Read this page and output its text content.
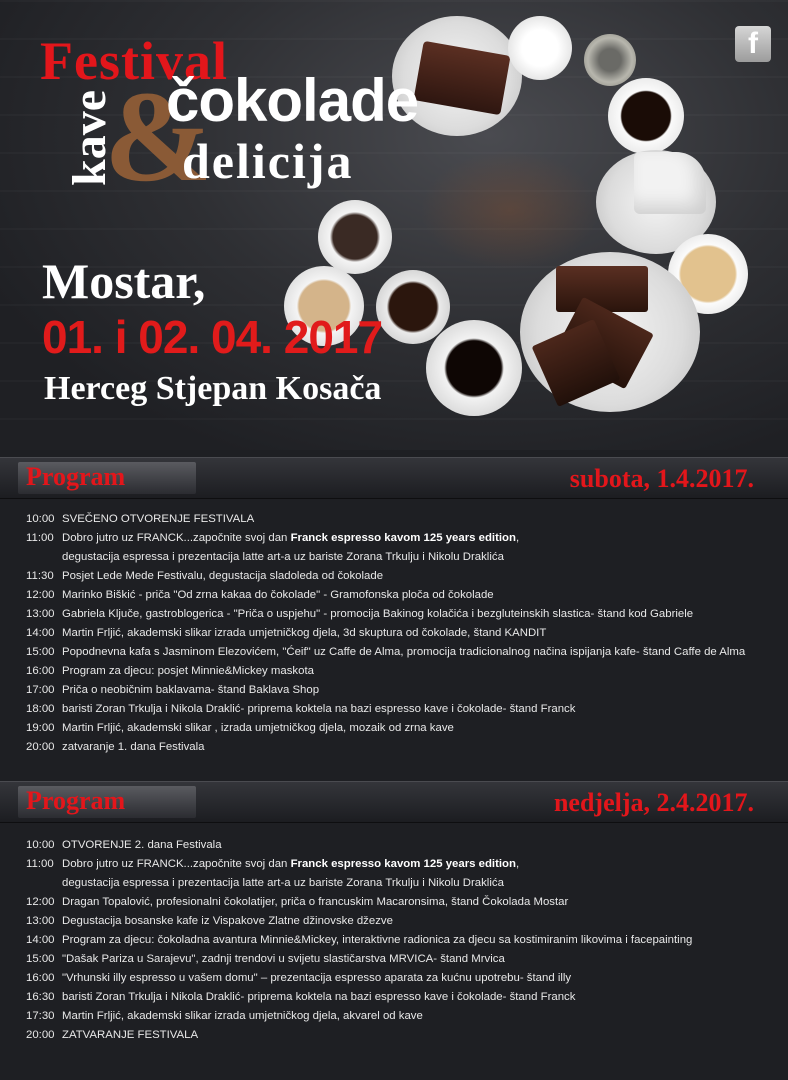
f
Festival
kave
&
čokolade
delicija
Mostar,
01. i 02. 04. 2017
Herceg Stjepan Kosača
Program	subota, 1.4.2017.
10:00 SVEČENO OTVORENJE FESTIVALA
11:00 Dobro jutro uz FRANCK...započnite svoj dan Franck espresso kavom 125 years edition,
degustacija espressa i prezentacija latte art-a uz bariste Zorana Trkulju i Nikolu Draklića
11:30 Posjet Lede Mede Festivalu, degustacija sladoleda od čokolade
12:00 Marinko Biškić - priča "Od zrna kakaa do čokolade" - Gramofonska ploča od čokolade
13:00 Gabriela Ključe, gastroblogerica - "Priča o uspjehu" - promocija Bakinog kolačića i bezgluteinskih slastica- štand kod Gabriele
14:00 Martin Frljić, akademski slikar izrada umjetničkog djela, 3d skuptura od čokolade, štand KANDIT
15:00 Popodnevna kafa s Jasminom Elezovićem, "Ćeif" uz Caffe de Alma, promocija tradicionalnog načina ispijanja kafe- štand Caffe de Alma
16:00 Program za djecu: posjet Minnie&Mickey maskota
17:00 Priča o neobičnim baklavama- štand Baklava Shop
18:00 baristi Zoran Trkulja i Nikola Draklić- priprema koktela na bazi espresso kave i čokolade- štand Franck
19:00 Martin Frljić, akademski slikar , izrada umjetničkog djela, mozaik od zrna kave
20:00 zatvaranje 1. dana Festivala
Program	nedjelja, 2.4.2017.
10:00 OTVORENJE 2. dana Festivala
11:00 Dobro jutro uz FRANCK...započnite svoj dan Franck espresso kavom 125 years edition,
degustacija espressa i prezentacija latte art-a uz bariste Zorana Trkulju i Nikolu Draklića
12:00 Dragan Topalović, profesionalni čokolatijer, priča o francuskim Macaronsima, štand Čokolada Mostar
13:00 Degustacija bosanske kafe iz Vispakove Zlatne džinovske džezve
14:00 Program za djecu: čokoladna avantura Minnie&Mickey, interaktivne radionica za djecu sa kostimiranim likovima i facepainting
15:00 "Dašak Pariza u Sarajevu", zadnji trendovi u svijetu slastičarstva MRVICA- štand Mrvica
16:00 "Vrhunski illy espresso u vašem domu" – prezentacija espresso aparata za kućnu upotrebu- štand illy
16:30 baristi Zoran Trkulja i Nikola Draklić- priprema koktela na bazi espresso kave i čokolade- štand Franck
17:30 Martin Frljić, akademski slikar izrada umjetničkog djela, akvarel od kave
20:00 ZATVARANJE FESTIVALA
